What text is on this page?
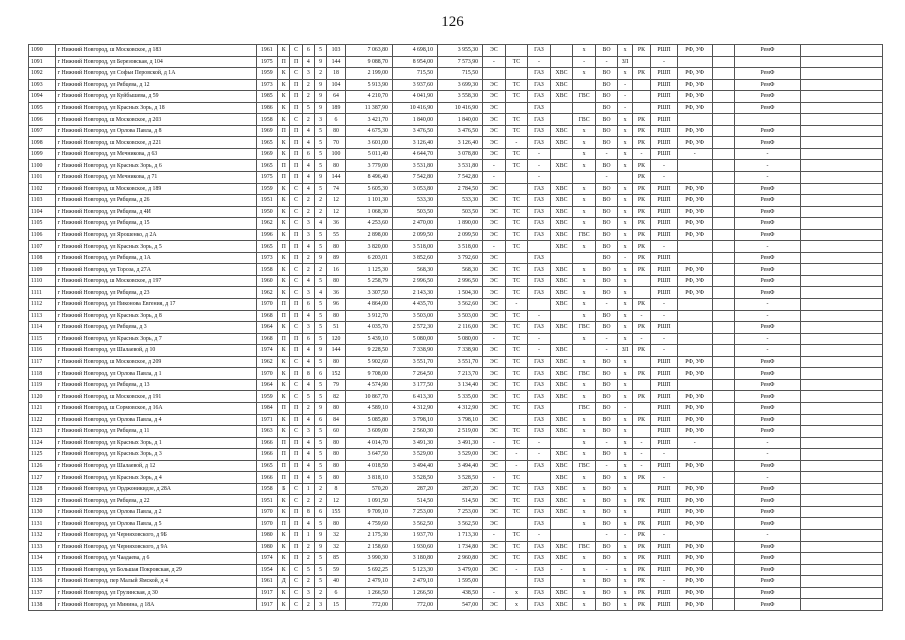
126
1090	г Нижний Новгород, ш Московское, д 183	1961	К	С	6	5	103	7 063,80	4 698,10	3 955,30	ЭС		ГАЗ		х	ВО	х	РК	РШП	РФ, УФ		РемФ	
1091	г Нижний Новгород, ул Березовская, д 104	1975	П	П	4	9	144	9 088,70	8 954,00	7 573,90	-	ТС	-		-	-	ЗЛ		-				
1092	г Нижний Новгород, ул Софьи Перовской, д 1А	1959	К	С	3	2	18	2 199,00	715,50	715,50			ГАЗ	ХВС	х	ВО	х	РК	РШП	РФ, УФ		РемФ	
1093	г Нижний Новгород, ул Рябцева, д 12	1973	К	П	2	9	104	5 913,90	3 937,60	3 699,30	ЭС	ТС	ГАЗ	ХВС		ВО	-		РШП	РФ, УФ		РемФ	
1094	г Нижний Новгород, ул Куйбышева, д 59	1985	К	П	2	9	64	4 210,70	4 041,90	3 558,30	ЭС	ТС	ГАЗ	ХВС	ГВС	ВО	-		РШП	РФ, УФ		РемФ	
1095	г Нижний Новгород, ул Красных Зорь, д 18	1986	К	П	5	9	189	11 387,90	10 416,90	10 416,90	ЭС		ГАЗ			ВО	-		РШП	РФ, УФ		РемФ	
1096	г Нижний Новгород, ш Московское, д 203	1958	К	С	2	3	6	3 421,70	1 840,00	1 840,00	ЭС	ТС	ГАЗ		ГВС	ВО	х	РК	РШП				
1097	г Нижний Новгород, ул Орлова Павла, д 8	1969	П	П	4	5	80	4 675,30	3 476,50	3 476,50	ЭС	ТС	ГАЗ	ХВС	х	ВО	х	РК	РШП	РФ, УФ		РемФ	
1098	г Нижний Новгород, ш Московское, д 221	1965	К	П	4	5	70	3 601,00	3 126,40	3 126,40	ЭС	-	ГАЗ	ХВС	х	ВО	х	РК	РШП	РФ, УФ		РемФ	
1099	г Нижний Новгород, ул Мечникова, д 63	1969	К	П	6	5	100	5 011,40	4 644,70	3 078,80	ЭС	ТС	-		х	-	х	-	РШП	-		-	
1100	г Нижний Новгород, ул Красных Зорь, д 6	1965	П	П	4	5	80	3 779,00	3 531,80	3 531,80	-	ТС	-	ХВС	х	ВО	х	РК	-			-	
1101	г Нижний Новгород, ул Мечникова, д 71	1975	П	П	4	9	144	8 496,40	7 542,80	7 542,80	-		-			-		РК	-			-	
1102	г Нижний Новгород, ш Московское, д 189	1959	К	С	4	5	74	5 605,30	3 053,80	2 784,50	ЭС		ГАЗ	ХВС	х	ВО	х	РК	РШП	РФ, УФ		РемФ	
1103	г Нижний Новгород, ул Рябцева, д 26	1951	К	С	2	2	12	1 101,30	533,30	533,30	ЭС	ТС	ГАЗ	ХВС	х	ВО	х	РК	РШП	РФ, УФ		РемФ	
1104	г Нижний Новгород, ул Рябцева, д 4И	1950	К	С	2	2	12	1 068,30	503,50	503,50	ЭС	ТС	ГАЗ	ХВС	х	ВО	х	РК	РШП	РФ, УФ		РемФ	
1105	г Нижний Новгород, ул Рябцева, д 15	1962	К	С	3	4	36	4 253,60	2 470,00	1 890,00	ЭС	ТС	ГАЗ	ХВС	х	ВО	х	РК	РШП	РФ, УФ		РемФ	
1106	г Нижний Новгород, ул Ярошенко, д 2А	1996	К	П	3	5	55	2 898,00	2 099,50	2 099,50	ЭС	ТС	ГАЗ	ХВС	ГВС	ВО	х	РК	РШП	РФ, УФ		РемФ	
1107	г Нижний Новгород, ул Красных Зорь, д 5	1965	П	П	4	5	80	3 820,00	3 518,00	3 518,00	-	ТС		ХВС	х	ВО	х	РК	-			-	
1108	г Нижний Новгород, ул Рябцева, д 1А	1973	К	П	2	9	89	6 203,01	3 852,60	3 792,60	ЭС		ГАЗ			ВО	-	РК	РШП			РемФ	
1109	г Нижний Новгород, ул Тороза, д 27А	1958	К	С	2	2	16	1 125,30	568,30	568,30	ЭС	ТС	ГАЗ	ХВС	х	ВО	х	РК	РШП	РФ, УФ		РемФ	
1110	г Нижний Новгород, ш Московское, д 197	1960	К	С	4	5	80	5 258,79	2 996,50	2 996,50	ЭС	ТС	ГАЗ	ХВС	х	ВО	х		РШП	РФ, УФ		РемФ	
1111	г Нижний Новгород, ул Рябцева, д 23	1962	К	С	3	4	36	3 307,50	2 143,30	1 504,30	ЭС	ТС	ГАЗ	ХВС	х	ВО	х		РШП	РФ, УФ		РемФ	
1112	г Нижний Новгород, ул Никонова Евгения, д 17	1970	П	П	6	5	96	4 864,00	4 435,70	3 562,60	ЭС	-		ХВС	х	-	х	РК	-			-	
1113	г Нижний Новгород, ул Красных Зорь, д 8	1968	П	П	4	5	80	3 912,70	3 503,00	3 503,00	ЭС	ТС	-		х	ВО	х	-	-			-	
1114	г Нижний Новгород, ул Рябцева, д 3	1964	К	С	3	5	51	4 035,70	2 572,30	2 116,00	ЭС	ТС	ГАЗ	ХВС	ГВС	ВО	х	РК	РШП			РемФ	
1115	г Нижний Новгород, ул Красных Зорь, д 7	1968	П	П	6	5	120	5 439,10	5 080,00	5 080,00	-	ТС	-		х	-	х	-	-			-	
1116	г Нижний Новгород, ул Шалаевой, д 10	1974	К	П	4	9	144	9 228,50	7 338,90	7 338,90	ЭС	ТС	-	ХВС		-	ЗЛ	РК	-			-	
1117	г Нижний Новгород, ш Московское, д 209	1962	К	С	4	5	80	5 902,60	3 551,70	3 551,70	ЭС	ТС	ГАЗ	ХВС	х	ВО	х		РШП	РФ, УФ		РемФ	
1118	г Нижний Новгород, ул Орлова Павла, д 1	1970	К	П	8	6	152	9 708,00	7 264,50	7 213,70	ЭС	ТС	ГАЗ	ХВС	ГВС	ВО	х	РК	РШП	РФ, УФ		РемФ	
1119	г Нижний Новгород, ул Рябцева, д 13	1964	К	С	4	5	79	4 574,90	3 177,50	3 134,40	ЭС	ТС	ГАЗ	ХВС	х	ВО	х		РШП			РемФ	
1120	г Нижний Новгород, ш Московское, д 191	1959	К	С	5	5	82	10 867,70	6 413,30	5 335,00	ЭС	ТС	ГАЗ	ХВС	х	ВО	х	РК	РШП	РФ, УФ		РемФ	
1121	г Нижний Новгород, ш Сормовское, д 16А	1984	П	П	2	9	80	4 589,10	4 312,90	4 312,90	ЭС	ТС	ГАЗ		ГВС	ВО	-		РШП	РФ, УФ		РемФ	
1122	г Нижний Новгород, ул Орлова Павла, д 4	1971	К	П	4	6	84	5 085,80	3 798,10	3 798,10	ЭС		ГАЗ	ХВС	х	ВО	х	РК	РШП	РФ, УФ		РемФ	
1123	г Нижний Новгород, ул Рябцева, д 11	1963	К	С	3	5	60	3 609,00	2 560,30	2 519,00	ЭС	ТС	ГАЗ	ХВС	х	ВО	х		РШП	РФ, УФ		РемФ	
1124	г Нижний Новгород, ул Красных Зорь, д 1	1966	П	П	4	5	80	4 014,70	3 491,30	3 491,30	-	ТС	-		х	-	х	-	РШП	-		-	
1125	г Нижний Новгород, ул Красных Зорь, д 3	1966	П	П	4	5	80	3 647,50	3 529,00	3 529,00	ЭС	-	-	ХВС	х	ВО	х	-	-			-	
1126	г Нижний Новгород, ул Шалаевой, д 12	1965	П	П	4	5	80	4 018,50	3 494,40	3 494,40	ЭС	-	ГАЗ	ХВС	ГВС	-	х	-	РШП	РФ, УФ		РемФ	
1127	г Нижний Новгород, ул Красных Зорь, д 4	1966	П	П	4	5	80	3 818,10	3 528,50	3 528,50	-	ТС		ХВС	х	ВО	х	РК	-			-	
1128	г Нижний Новгород, ул Орджоникидзе, д 28А	1958	Б	С	1	2	8	570,20	287,20	287,20	ЭС	ТС	ГАЗ	ХВС	х	ВО	х		РШП	РФ, УФ		РемФ	
1129	г Нижний Новгород, ул Рябцева, д 22	1951	К	С	2	2	12	1 091,50	514,50	514,50	ЭС	ТС	ГАЗ	ХВС	х	ВО	х	РК	РШП	РФ, УФ		РемФ	
1130	г Нижний Новгород, ул Орлова Павла, д 2	1970	К	П	8	6	155	9 709,10	7 253,00	7 253,00	ЭС	ТС	ГАЗ	ХВС	х	ВО	х		РШП	РФ, УФ		РемФ	
1131	г Нижний Новгород, ул Орлова Павла, д 5	1970	П	П	4	5	80	4 759,60	3 562,50	3 562,50	ЭС		ГАЗ		х	ВО	х	РК	РШП	РФ, УФ		РемФ	
1132	г Нижний Новгород, ул Черняховского, д 9Б	1980	К	П	1	9	32	2 175,30	1 937,70	1 713,30	-	ТС	-			-	-	РК	-			-	
1133	г Нижний Новгород, ул Черняховского, д 9А	1980	К	П	2	9	32	2 158,60	1 930,60	1 734,80	ЭС	ТС	ГАЗ	ХВС	ГВС	ВО	х	РК	РШП	РФ, УФ		РемФ	
1134	г Нижний Новгород, ул Чаадаева, д 6	1974	К	П	2	5	85	3 990,30	3 180,80	2 960,80	ЭС	ТС	ГАЗ	ХВС	х	ВО	х	РК	РШП	РФ, УФ		РемФ	
1135	г Нижний Новгород, ул Большая Покровская, д 29	1954	К	С	5	5	59	5 692,25	5 123,30	3 479,00	ЭС	-	ГАЗ	-	х	-	х	РК	РШП	РФ, УФ		РемФ	
1136	г Нижний Новгород, пер Малый Ямской, д 4	1961	Д	С	2	5	40	2 479,10	2 479,10	1 595,00			ГАЗ		х	ВО	х	РК	-	РФ, УФ		РемФ	
1137	г Нижний Новгород, ул Грузинская, д 30	1917	К	С	3	2	6	1 266,50	1 266,50	438,50	-	х	ГАЗ	ХВС	х	ВО	х	РК	РШП	РФ, УФ		РемФ	
1138	г Нижний Новгород, ул Минина, д 18А	1917	К	С	2	3	15	772,00	772,00	547,00	ЭС	х	ГАЗ	ХВС	х	ВО	х	РК	РШП	РФ, УФ		РемФ	
